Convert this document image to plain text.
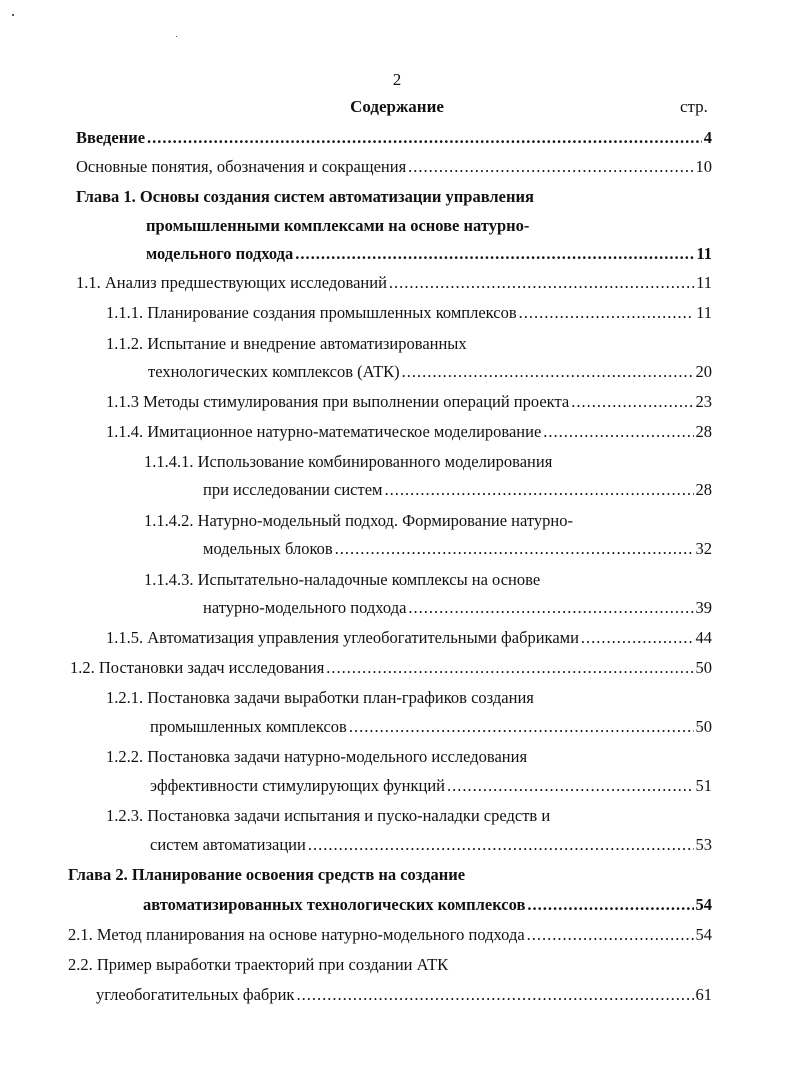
2
Содержание	стр.
Введение .....	4
Основные понятия, обозначения и сокращения .....	10
Глава 1. Основы создания систем автоматизации управления
промышленными комплексами на основе натурно-
модельного подхода .....	11
1.1. Анализ предшествующих исследований .....	11
1.1.1. Планирование создания промышленных комплексов .....	11
1.1.2. Испытание и внедрение автоматизированных
технологических комплексов (АТК) .....	20
1.1.3 Методы стимулирования при выполнении операций проекта .....	23
1.1.4. Имитационное натурно-математическое моделирование .....	28
1.1.4.1. Использование комбинированного моделирования
при исследовании систем .....	28
1.1.4.2. Натурно-модельный подход. Формирование натурно-
модельных блоков .....	32
1.1.4.3. Испытательно-наладочные комплексы на основе
натурно-модельного подхода .....	39
1.1.5. Автоматизация управления углеобогатительными фабриками .....	44
1.2. Постановки задач исследования .....	50
1.2.1. Постановка задачи выработки план-графиков создания
промышленных комплексов .....	50
1.2.2. Постановка задачи натурно-модельного исследования
эффективности стимулирующих функций .....	51
1.2.3. Постановка задачи испытания и пуско-наладки средств и
систем автоматизации .....	53
Глава 2. Планирование освоения средств на создание
автоматизированных технологических комплексов .....	54
2.1. Метод планирования на основе натурно-модельного подхода .....	54
2.2. Пример выработки траекторий при создании АТК
углеобогатительных фабрик .....	61
